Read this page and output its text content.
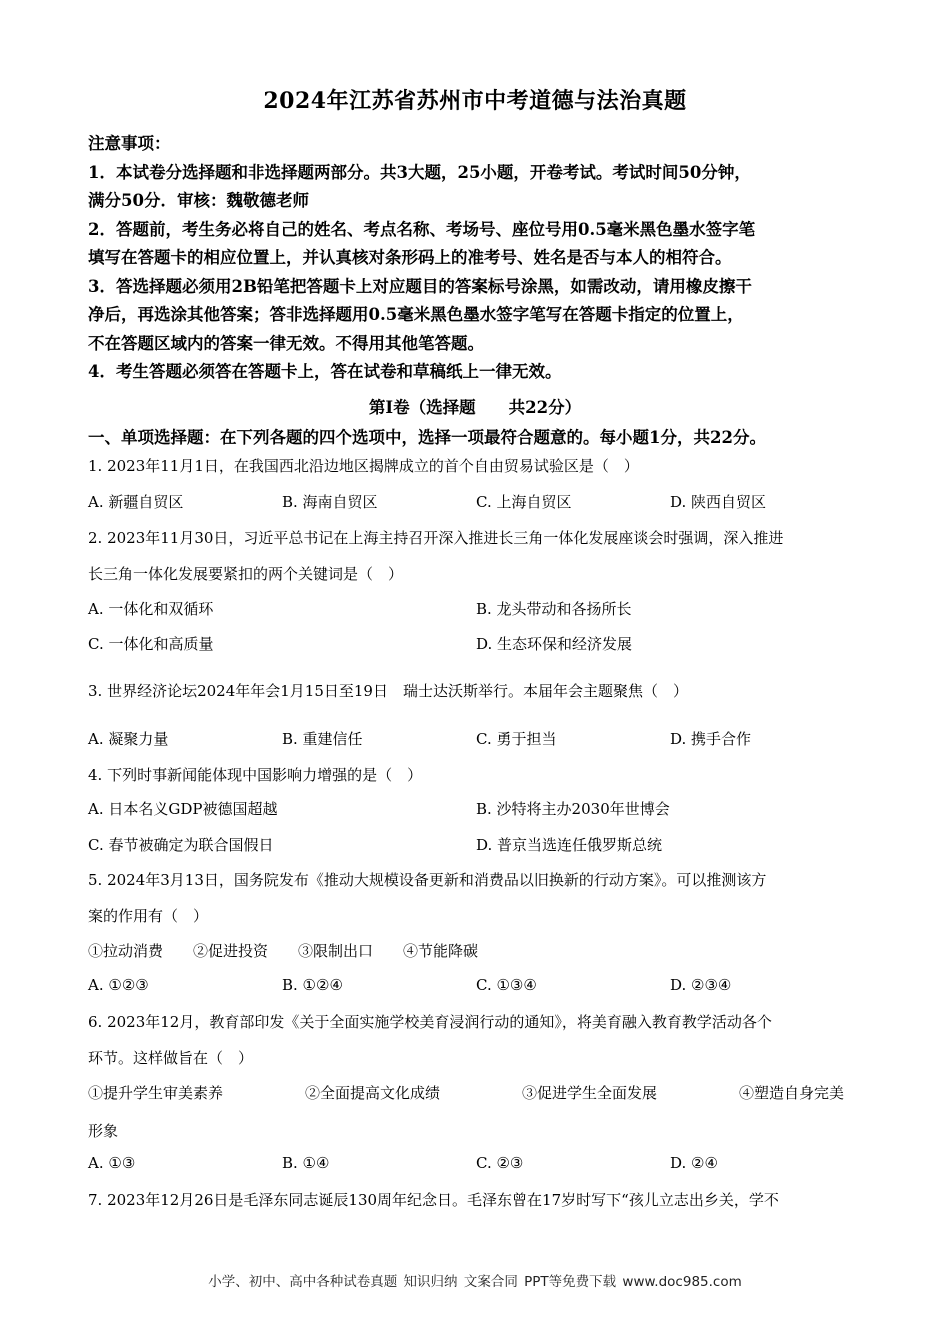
2024年江苏省苏州市中考道德与法治真题

注意事项：

1．本试卷分选择题和非选择题两部分。共3大题，25小题，开卷考试。考试时间50分钟，

满分50分．审核：魏敬德老师

2．答题前，考生务必将自己的姓名、考点名称、考场号、座位号用0.5毫米黑色墨水签字笔

填写在答题卡的相应位置上，并认真核对条形码上的准考号、姓名是否与本人的相符合。

3．答选择题必须用2B铅笔把答题卡上对应题目的答案标号涂黑，如需改动，请用橡皮擦干

净后，再选涂其他答案；答非选择题用0.5毫米黑色墨水签字笔写在答题卡指定的位置上，

不在答题区域内的答案一律无效。不得用其他笔答题。

4．考生答题必须答在答题卡上，答在试卷和草稿纸上一律无效。

第I卷（选择题　　共22分）
一、单项选择题：在下列各题的四个选项中，选择一项最符合题意的。每小题1分，共22分。
1. 2023年11月1日，在我国西北沿边地区揭牌成立的首个自由贸易试验区是（　）
A. 新疆自贸区	B. 海南自贸区	C. 上海自贸区	D. 陕西自贸区
2. 2023年11月30日，习近平总书记在上海主持召开深入推进长三角一体化发展座谈会时强调，深入推进
长三角一体化发展要紧扣的两个关键词是（　）
A. 一体化和双循环	B. 龙头带动和各扬所长
C. 一体化和高质量	D. 生态环保和经济发展
3. 世界经济论坛2024年年会1月15日至19日　瑞士达沃斯举行。本届年会主题聚焦（　）
A. 凝聚力量	B. 重建信任	C. 勇于担当	D. 携手合作
4. 下列时事新闻能体现中国影响力增强的是（　）
A. 日本名义GDP被德国超越	B. 沙特将主办2030年世博会
C. 春节被确定为联合国假日	D. 普京当选连任俄罗斯总统
5. 2024年3月13日，国务院发布《推动大规模设备更新和消费品以旧换新的行动方案》。可以推测该方
案的作用有（　）
①拉动消费　　②促进投资　　③限制出口　　④节能降碳
A. ①②③	B. ①②④	C. ①③④	D. ②③④
6. 2023年12月，教育部印发《关于全面实施学校美育浸润行动的通知》，将美育融入教育教学活动各个
环节。这样做旨在（　）
①提升学生审美素养	②全面提高文化成绩	③促进学生全面发展	④塑造自身完美
形象
A. ①③	B. ①④	C. ②③	D. ②④
7. 2023年12月26日是毛泽东同志诞辰130周年纪念日。毛泽东曾在17岁时写下“孩儿立志出乡关，学不
小学、初中、高中各种试卷真题 知识归纳 文案合同 PPT等免费下载 www.doc985.com
